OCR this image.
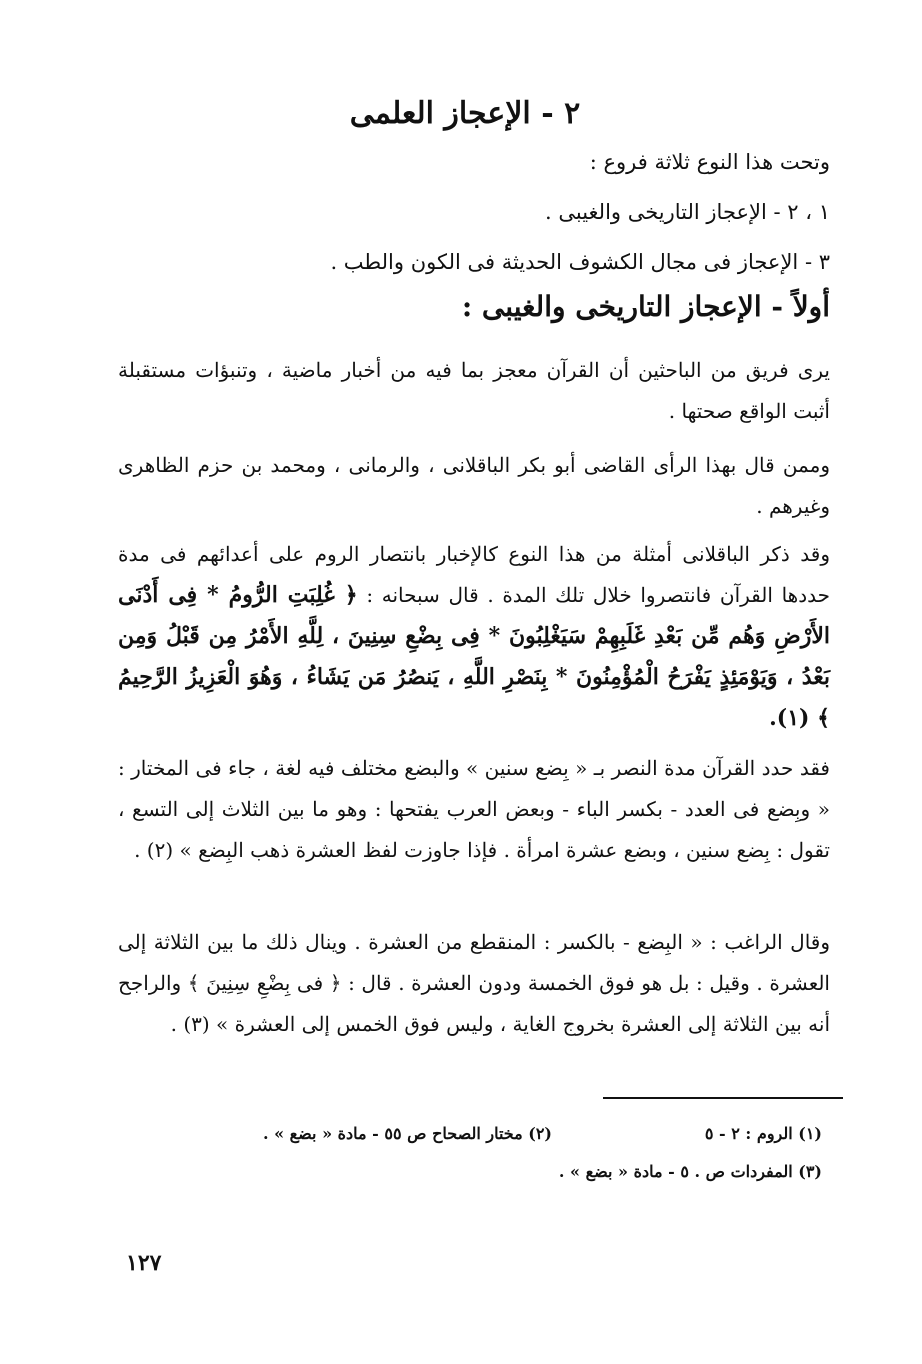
٢ - الإعجاز العلمى
وتحت هذا النوع ثلاثة فروع :
١ ، ٢ - الإعجاز التاريخى والغيبى .
٣ - الإعجاز فى مجال الكشوف الحديثة فى الكون والطب .
أولاً - الإعجاز التاريخى والغيبى :

يرى فريق من الباحثين أن القرآن معجز بما فيه من أخبار ماضية ، وتنبؤات مستقبلة أثبت الواقع صحتها .

وممن قال بهذا الرأى القاضى أبو بكر الباقلانى ، والرمانى ، ومحمد بن حزم الظاهرى وغيرهم .

وقد ذكر الباقلانى أمثلة من هذا النوع كالإخبار بانتصار الروم على أعدائهم فى مدة حددها القرآن فانتصروا خلال تلك المدة . قال سبحانه : ﴿ غُلِبَتِ الرُّومُ * فِى أَدْنَى الأَرْضِ وَهُم مِّن بَعْدِ غَلَبِهِمْ سَيَغْلِبُونَ * فِى بِضْعِ سِنِينَ ، لِلَّهِ الأَمْرُ مِن قَبْلُ وَمِن بَعْدُ ، وَيَوْمَئِذٍ يَفْرَحُ الْمُؤْمِنُونَ * بِنَصْرِ اللَّهِ ، يَنصُرُ مَن يَشَاءُ ، وَهُوَ الْعَزِيزُ الرَّحِيمُ ﴾ (١).

فقد حدد القرآن مدة النصر بـ « بِضع سنين » والبضع مختلف فيه لغة ، جاء فى المختار : « وبِضع فى العدد - بكسر الباء - وبعض العرب يفتحها : وهو ما بين الثلاث إلى التسع ، تقول : بِضع سنين ، وبضع عشرة امرأة . فإذا جاوزت لفظ العشرة ذهب البِضع » (٢) .

وقال الراغب : « البِضع - بالكسر : المنقطع من العشرة . وينال ذلك ما بين الثلاثة إلى العشرة . وقيل : بل هو فوق الخمسة ودون العشرة . قال : ﴿ فى بِضْعِ سِنِينَ ﴾ والراجح أنه بين الثلاثة إلى العشرة بخروج الغاية ، وليس فوق الخمس إلى العشرة » (٣) .

(١) الروم : ٢ - ٥
(٢) مختار الصحاح ص ٥٥ - مادة « بضع » .
(٣) المفردات ص . ٥ - مادة « بضع » .
١٢٧
